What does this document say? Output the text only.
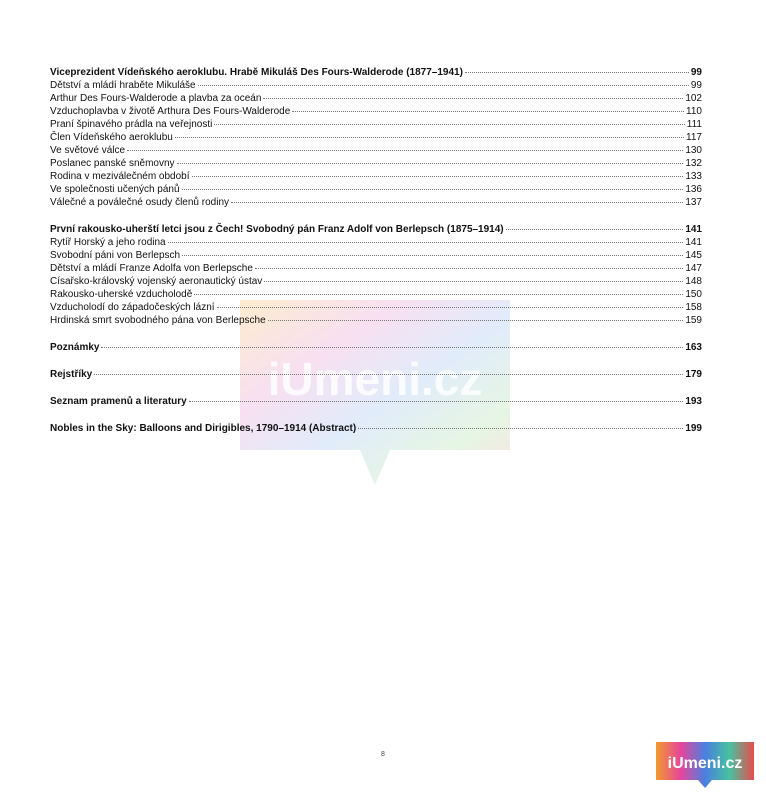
iUmeni.cz
Viceprezident Vídeňského aeroklubu. Hrabě Mikuláš Des Fours-Walderode (1877–1941)	99
Dětství a mládí hraběte Mikuláše	99
Arthur Des Fours-Walderode a plavba za oceán	102
Vzduchoplavba v životě Arthura Des Fours-Walderode	110
Praní špinavého prádla na veřejnosti	111
Člen Vídeňského aeroklubu	117
Ve světové válce	130
Poslanec panské sněmovny	132
Rodina v meziválečném období	133
Ve společnosti učených pánů	136
Válečné a poválečné osudy členů rodiny	137
První rakousko-uherští letci jsou z Čech! Svobodný pán Franz Adolf von Berlepsch (1875–1914)	141
Rytíř Horský a jeho rodina	141
Svobodní páni von Berlepsch	145
Dětství a mládí Franze Adolfa von Berlepsche	147
Císařsko-královský vojenský aeronautický ústav	148
Rakousko-uherské vzducholodě	150
Vzducholodí do západočeských lázní	158
Hrdinská smrt svobodného pána von Berlepsche	159
Poznámky	163
Rejstříky	179
Seznam pramenů a literatury	193
Nobles in the Sky: Balloons and Dirigibles, 1790–1914 (Abstract)	199
8
iUmeni.cz
